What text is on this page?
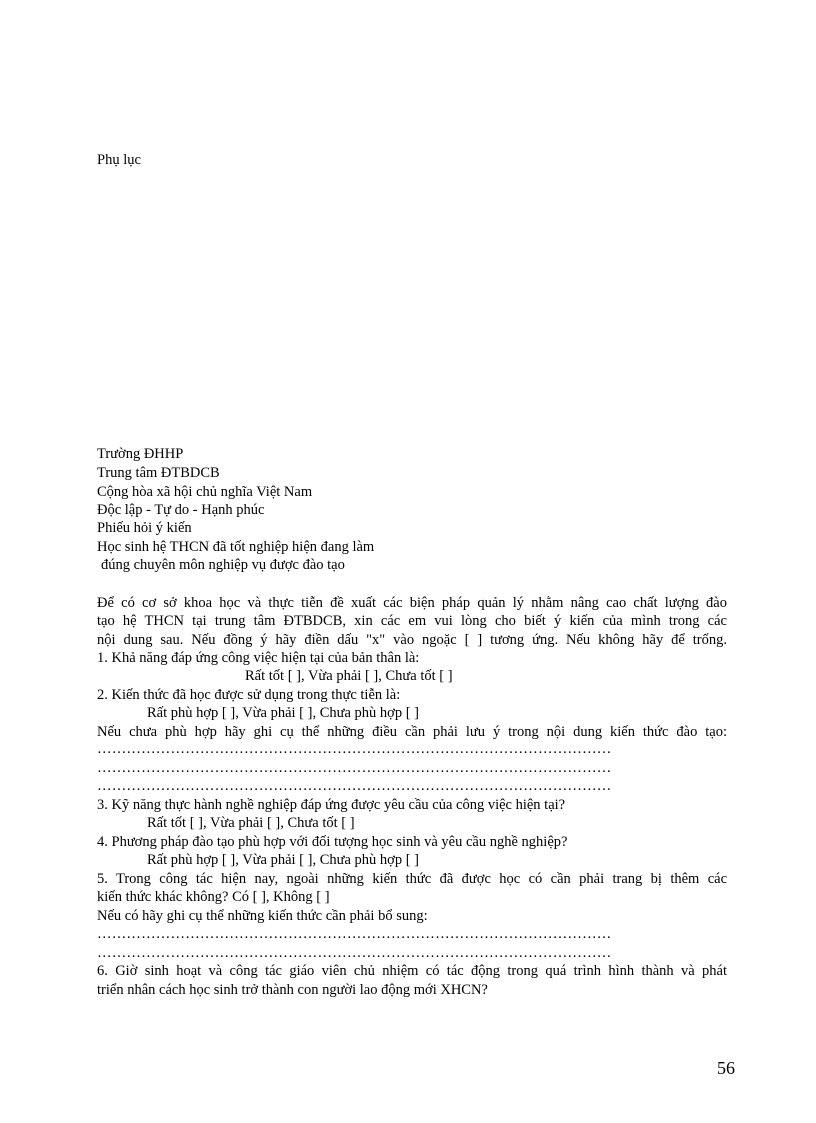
Phụ lục
Trường ĐHHP
Trung tâm ĐTBDCB
Cộng hòa xã hội chủ nghĩa Việt Nam
Độc lập - Tự do - Hạnh phúc
Phiếu hỏi ý kiến
Học sinh hệ THCN đã tốt nghiệp hiện đang làm
đúng chuyên môn nghiệp vụ được đào tạo
Để có cơ sở khoa học và thực tiễn đề xuất các biện pháp quản lý nhằm nâng cao chất lượng đào
tạo hệ THCN tại trung tâm ĐTBDCB, xin các em vui lòng cho biết ý kiến của mình trong các
nội dung sau. Nếu đồng ý hãy điền dấu "x" vào ngoặc [ ] tương ứng. Nếu không hãy để trống.
1. Khả năng đáp ứng công việc hiện tại của bản thân là:
Rất tốt [ ], Vừa phải [ ], Chưa tốt [ ]
2. Kiến thức đã học được sử dụng trong thực tiễn là:
Rất phù hợp [ ], Vừa phải [ ], Chưa phù hợp [ ]
Nếu chưa phù hợp hãy ghi cụ thể những điều cần phải lưu ý trong nội dung kiến thức đào tạo:
……………………………………………………………………………………………
……………………………………………………………………………………………
……………………………………………………………………………………………
3. Kỹ năng thực hành nghề nghiệp đáp ứng được yêu cầu của công việc hiện tại?
Rất tốt [ ], Vừa phải [ ], Chưa tốt [ ]
4. Phương pháp đào tạo phù hợp với đối tượng học sinh và yêu cầu nghề nghiệp?
Rất phù hợp [ ], Vừa phải [ ], Chưa phù hợp [ ]
5. Trong công tác hiện nay, ngoài những kiến thức đã được học có cần phải trang bị thêm các
kiến thức khác không? Có [ ], Không [ ]
Nếu có hãy ghi cụ thể những kiến thức cần phải bổ sung:
……………………………………………………………………………………………
……………………………………………………………………………………………
6. Giờ sinh hoạt và công tác giáo viên chủ nhiệm có tác động trong quá trình hình thành và phát
triển nhân cách học sinh trở thành con người lao động mới XHCN?
56
